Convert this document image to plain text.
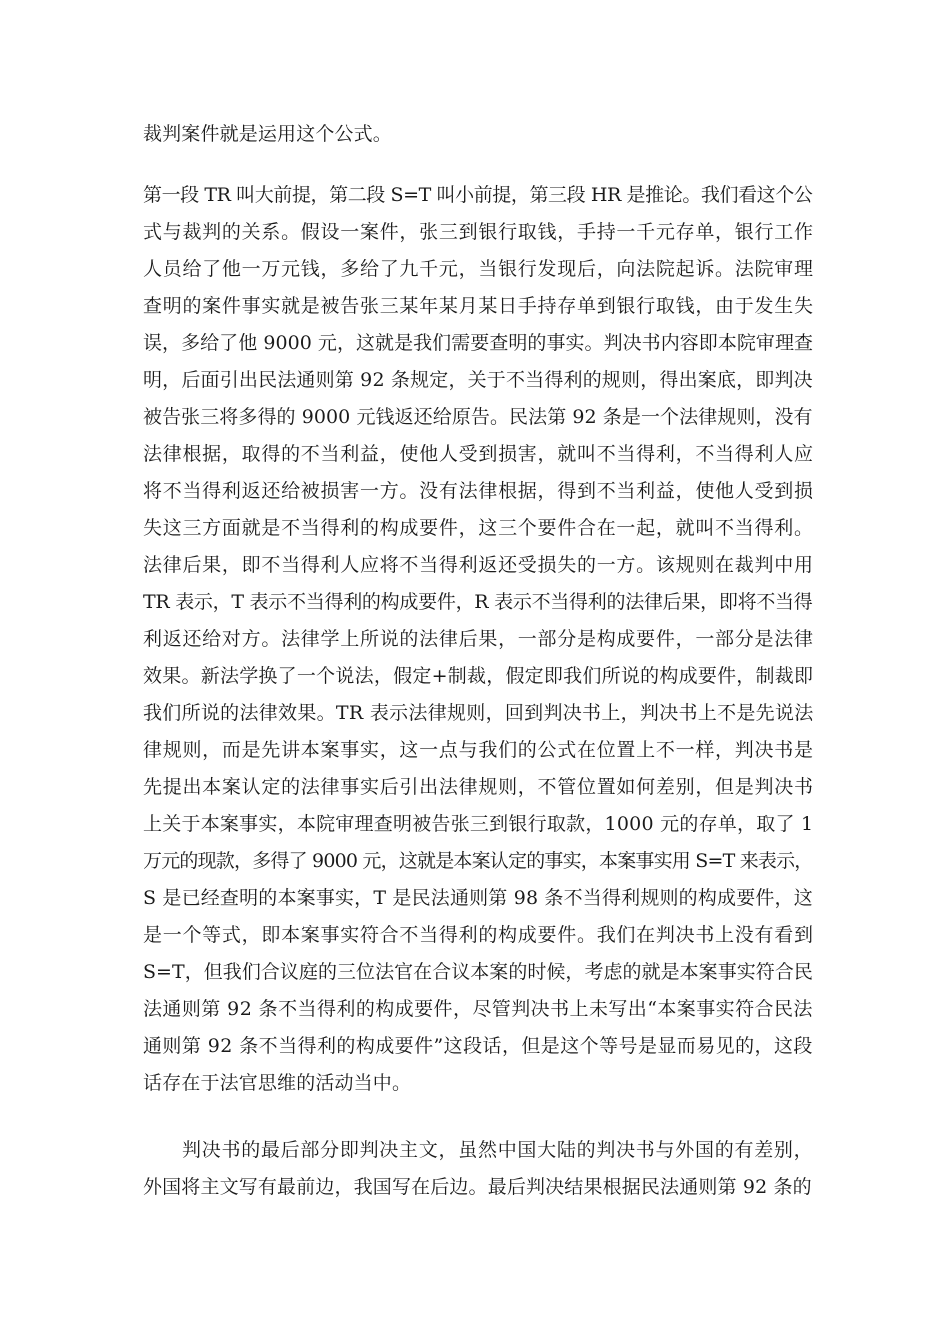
裁判案件就是运用这个公式。
第一段 TR 叫大前提，第二段 S=T 叫小前提，第三段 HR 是推论。我们看这个公
式与裁判的关系。假设一案件，张三到银行取钱，手持一千元存单，银行工作
人员给了他一万元钱，多给了九千元，当银行发现后，向法院起诉。法院审理
查明的案件事实就是被告张三某年某月某日手持存单到银行取钱，由于发生失
误，多给了他 9000 元，这就是我们需要查明的事实。判决书内容即本院审理查
明，后面引出民法通则第 92 条规定，关于不当得利的规则，得出案底，即判决
被告张三将多得的 9000 元钱返还给原告。民法第 92 条是一个法律规则，没有
法律根据，取得的不当利益，使他人受到损害，就叫不当得利，不当得利人应
将不当得利返还给被损害一方。没有法律根据，得到不当利益，使他人受到损
失这三方面就是不当得利的构成要件，这三个要件合在一起，就叫不当得利。
法律后果，即不当得利人应将不当得利返还受损失的一方。该规则在裁判中用
TR 表示，T 表示不当得利的构成要件，R 表示不当得利的法律后果，即将不当得
利返还给对方。法律学上所说的法律后果，一部分是构成要件，一部分是法律
效果。新法学换了一个说法，假定+制裁，假定即我们所说的构成要件，制裁即
我们所说的法律效果。TR 表示法律规则，回到判决书上，判决书上不是先说法
律规则，而是先讲本案事实，这一点与我们的公式在位置上不一样，判决书是
先提出本案认定的法律事实后引出法律规则，不管位置如何差别，但是判决书
上关于本案事实，本院审理查明被告张三到银行取款，1000 元的存单，取了 1
万元的现款，多得了 9000 元，这就是本案认定的事实，本案事实用 S=T 来表示，
S 是已经查明的本案事实，T 是民法通则第 98 条不当得利规则的构成要件，这
是一个等式，即本案事实符合不当得利的构成要件。我们在判决书上没有看到
S=T，但我们合议庭的三位法官在合议本案的时候，考虑的就是本案事实符合民
法通则第 92 条不当得利的构成要件，尽管判决书上未写出“本案事实符合民法
通则第 92 条不当得利的构成要件”这段话，但是这个等号是显而易见的，这段
话存在于法官思维的活动当中。
判决书的最后部分即判决主文，虽然中国大陆的判决书与外国的有差别，
外国将主文写有最前边，我国写在后边。最后判决结果根据民法通则第 92 条的
